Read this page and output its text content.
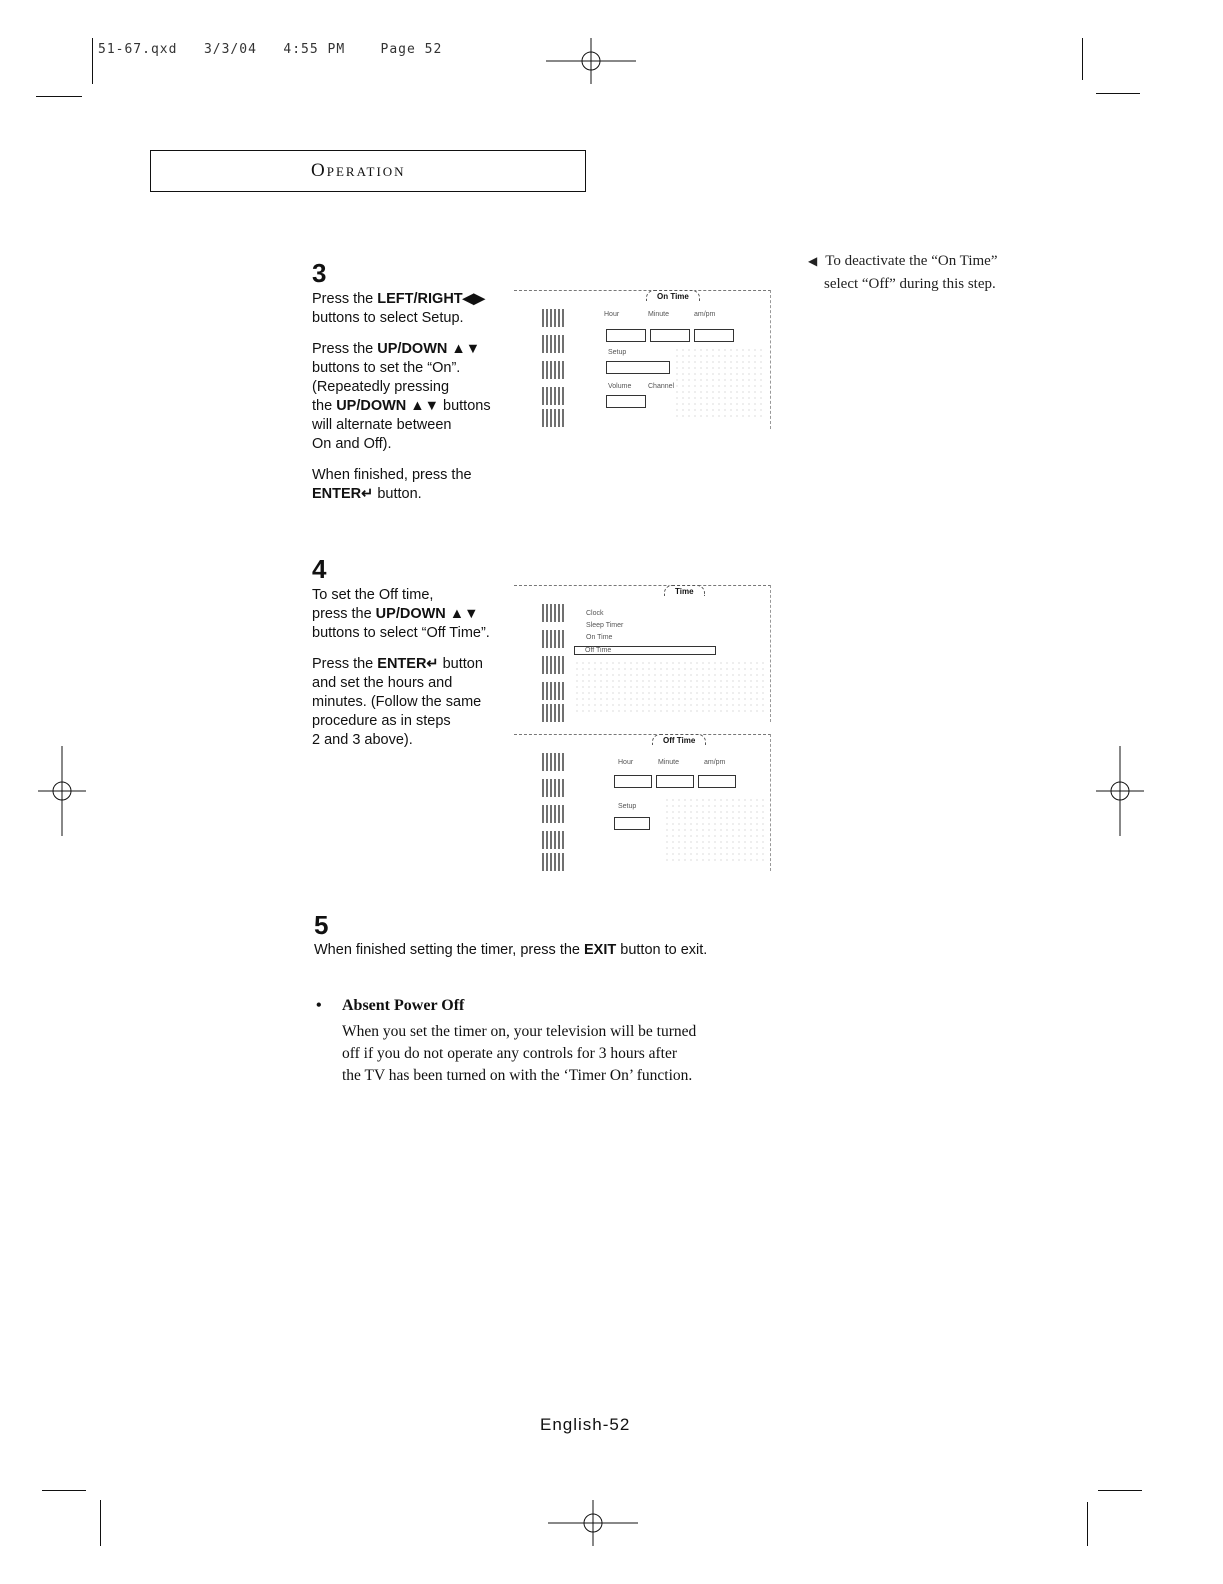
51-67.qxd 3/3/04 4:55 PM	Page 52
Operation
3

Press the LEFT/RIGHT◀▶
buttons to select Setup.

Press the UP/DOWN ▲▼
buttons to set the “On”.
(Repeatedly pressing
the UP/DOWN ▲▼ buttons
will alternate between
On and Off).

When finished, press the
ENTER↵ button.

On Time
Hour	Minute	am/pm
Setup
Volume Channel
◀ To deactivate the “On Time”
select “Off” during this step.
4

To set the Off time,
press the UP/DOWN ▲▼
buttons to select “Off Time”.

Press the ENTER↵ button
and set the hours and
minutes. (Follow the same
procedure as in steps
2 and 3 above).

Time
Clock
Sleep Timer
On Time
Off Time
Off Time
Hour	Minute	am/pm
Setup
5

When finished setting the timer, press the EXIT button to exit.

• Absent Power Off
When you set the timer on, your television will be turned
off if you do not operate any controls for 3 hours after
the TV has been turned on with the ‘Timer On’ function.
English-52
